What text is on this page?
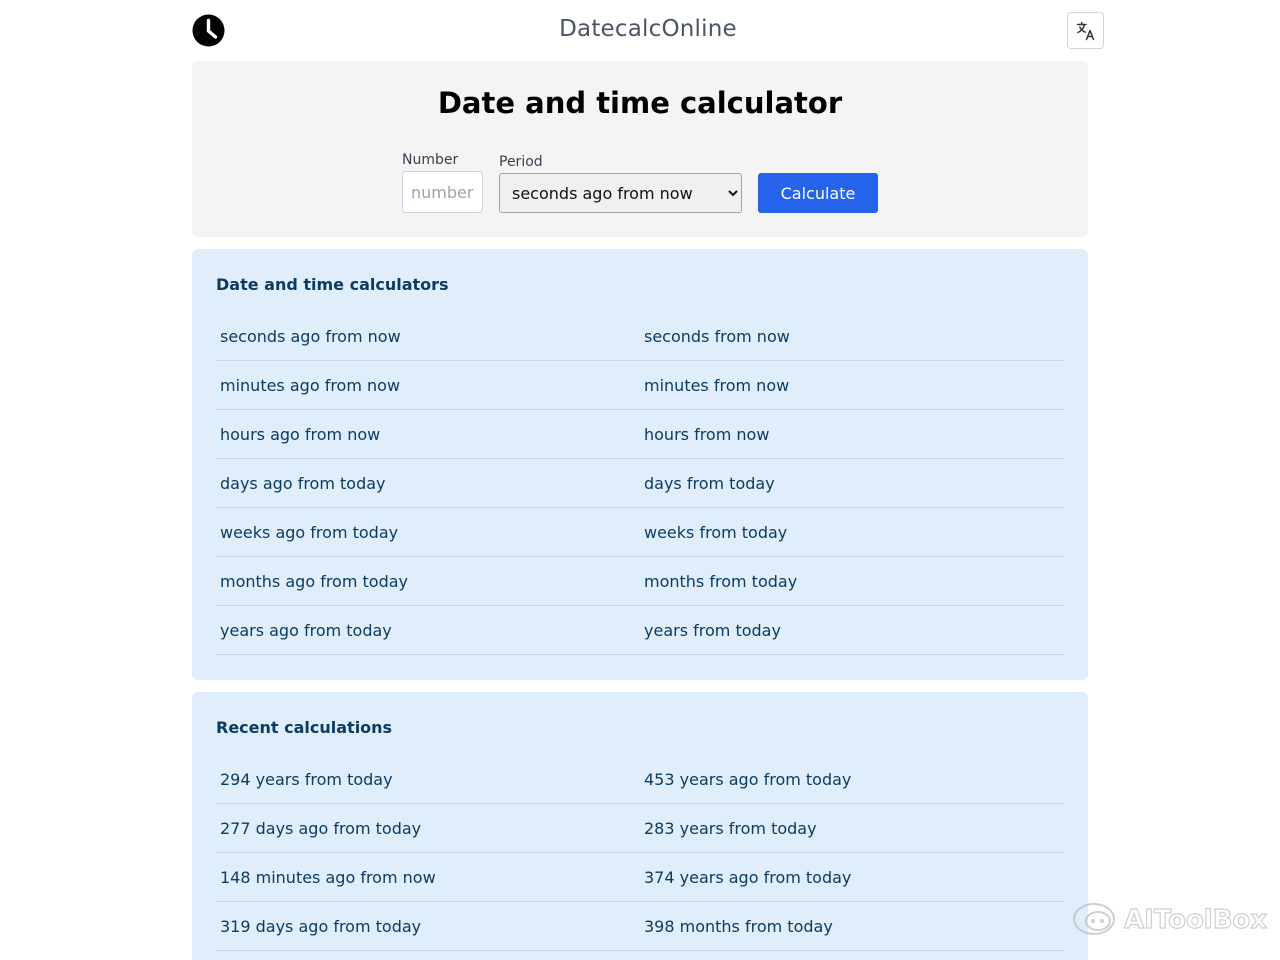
DatecalcOnline
Date and time calculator
Number
number	Period
seconds ago from now
Calculate
Date and time calculators
seconds ago from now	seconds from now
minutes ago from now	minutes from now
hours ago from now	hours from now
days ago from today	days from today
weeks ago from today	weeks from today
months ago from today	months from today
years ago from today	years from today
Recent calculations
294 years from today	453 years ago from today
277 days ago from today	283 years from today
148 minutes ago from now	374 years ago from today
319 days ago from today	398 months from today	AIToolBox
